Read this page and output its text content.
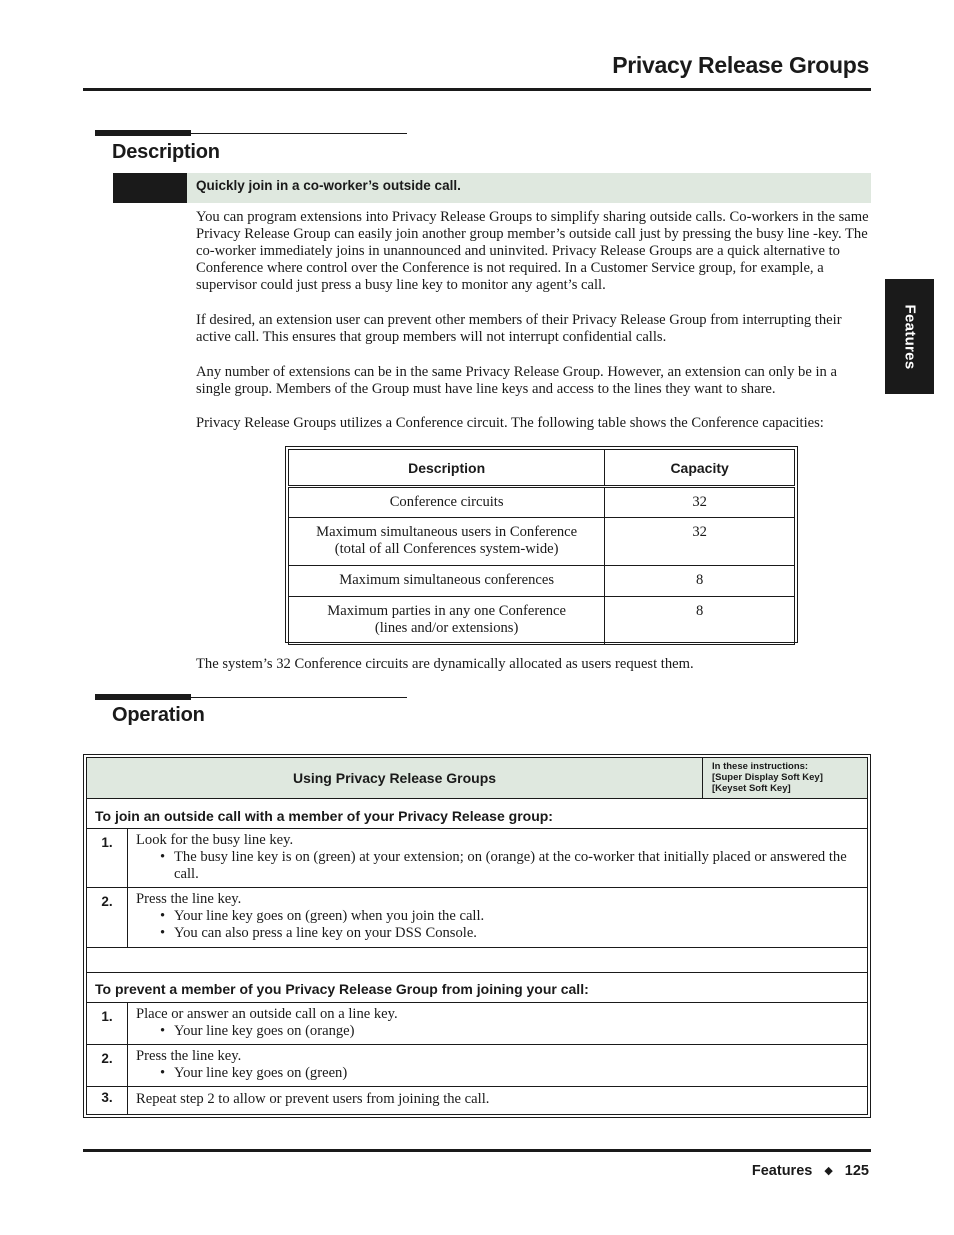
Privacy Release Groups
Features
Description
Quickly join in a co-worker’s outside call.

You can program extensions into Privacy Release Groups to simplify sharing outside calls. Co-workers in the same Privacy Release Group can easily join another group member’s outside call just by pressing the busy line -key. The co-worker immediately joins in unannounced and uninvited. Privacy Release Groups are a quick alternative to Conference where control over the Conference is not required. In a Customer Service group, for example, a supervisor could just press a busy line key to monitor any agent’s call.

If desired, an extension user can prevent other members of their Privacy Release Group from interrupting their active call. This ensures that group members will not interrupt confidential calls.

Any number of extensions can be in the same Privacy Release Group. However, an extension can only be in a single group. Members of the Group must have line keys and access to the lines they want to share.

Privacy Release Groups utilizes a Conference circuit. The following table shows the Conference capacities:

Description	Capacity
Conference circuits	32
Maximum simultaneous users in Conference
(total of all Conferences system-wide)	32
Maximum simultaneous conferences	8
Maximum parties in any one Conference
(lines and/or extensions)	8

The system’s 32 Conference circuits are dynamically allocated as users request them.

Operation
Using Privacy Release Groups		In these instructions:
[Super Display Soft Key]
[Keyset Soft Key]

To join an outside call with a member of your Privacy Release group:		
1.	Look for the busy line key.
• The busy line key is on (green) at your extension; on (orange) at the co-worker that initially placed or answered the call.	

2.	Press the line key.
• Your line key goes on (green) when you join the call.
• You can also press a line key on your DSS Console.	

To prevent a member of you Privacy Release Group from joining your call:		
1.	Place or answer an outside call on a line key.
• Your line key goes on (orange)	

2.	Press the line key.
• Your line key goes on (green)	

3.	Repeat step 2 to allow or prevent users from joining the call.	
Features ◆ 125
